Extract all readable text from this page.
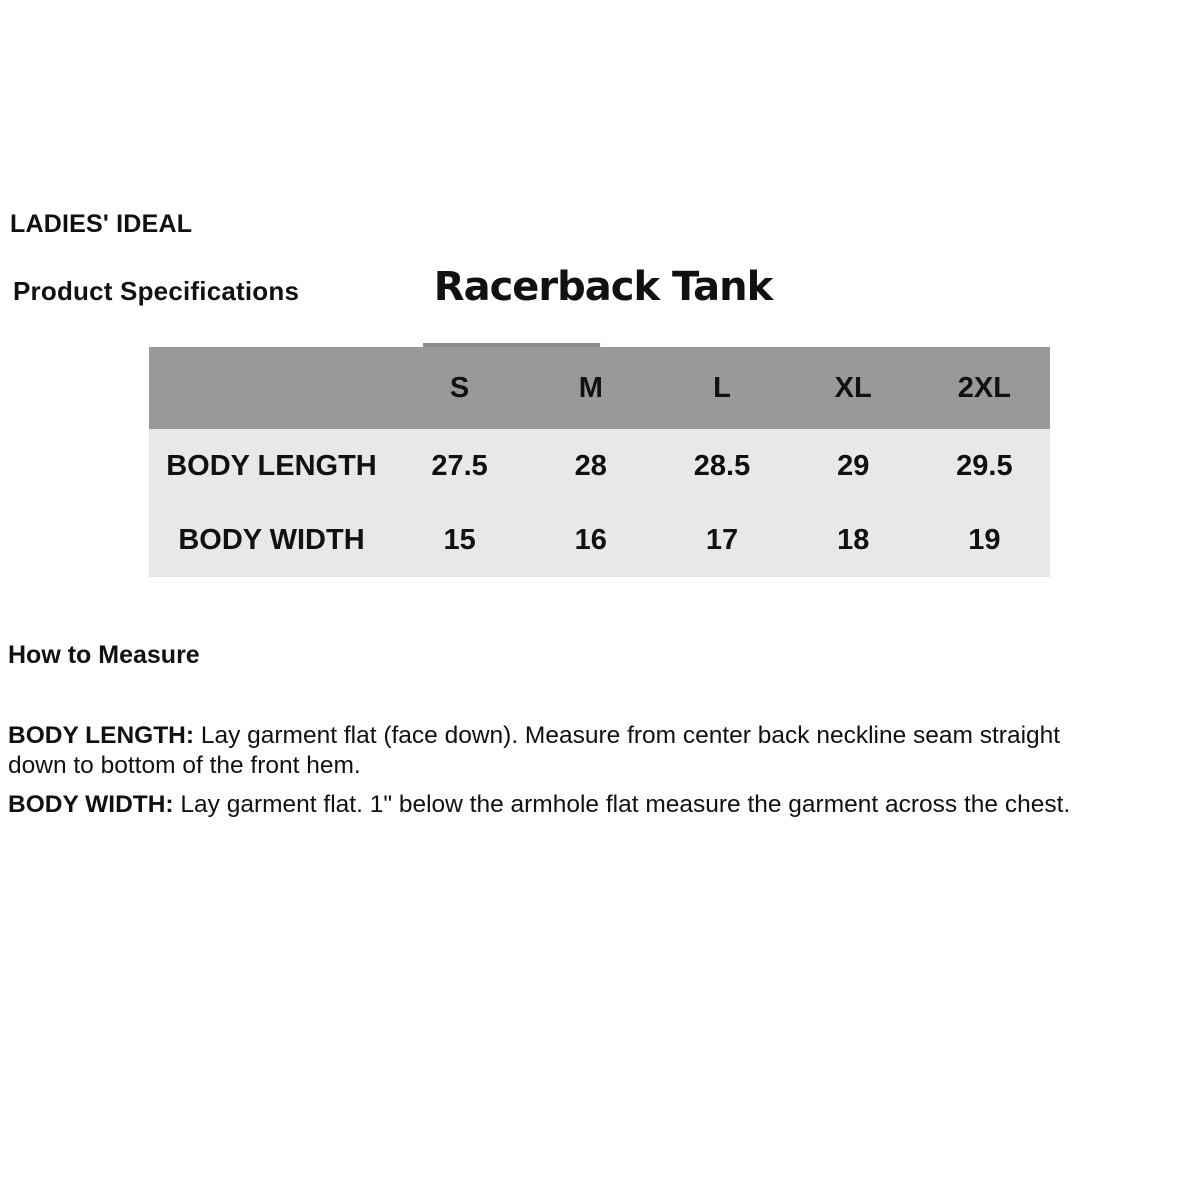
LADIES' IDEAL
Product Specifications	Racerback Tank
S	M	L	XL	2XL
BODY LENGTH	27.5	28	28.5	29	29.5
BODY WIDTH	15	16	17	18	19
How to Measure
BODY LENGTH: Lay garment flat (face down). Measure from center back neckline seam straight
down to bottom of the front hem.
BODY WIDTH: Lay garment flat. 1" below the armhole flat measure the garment across the chest.
